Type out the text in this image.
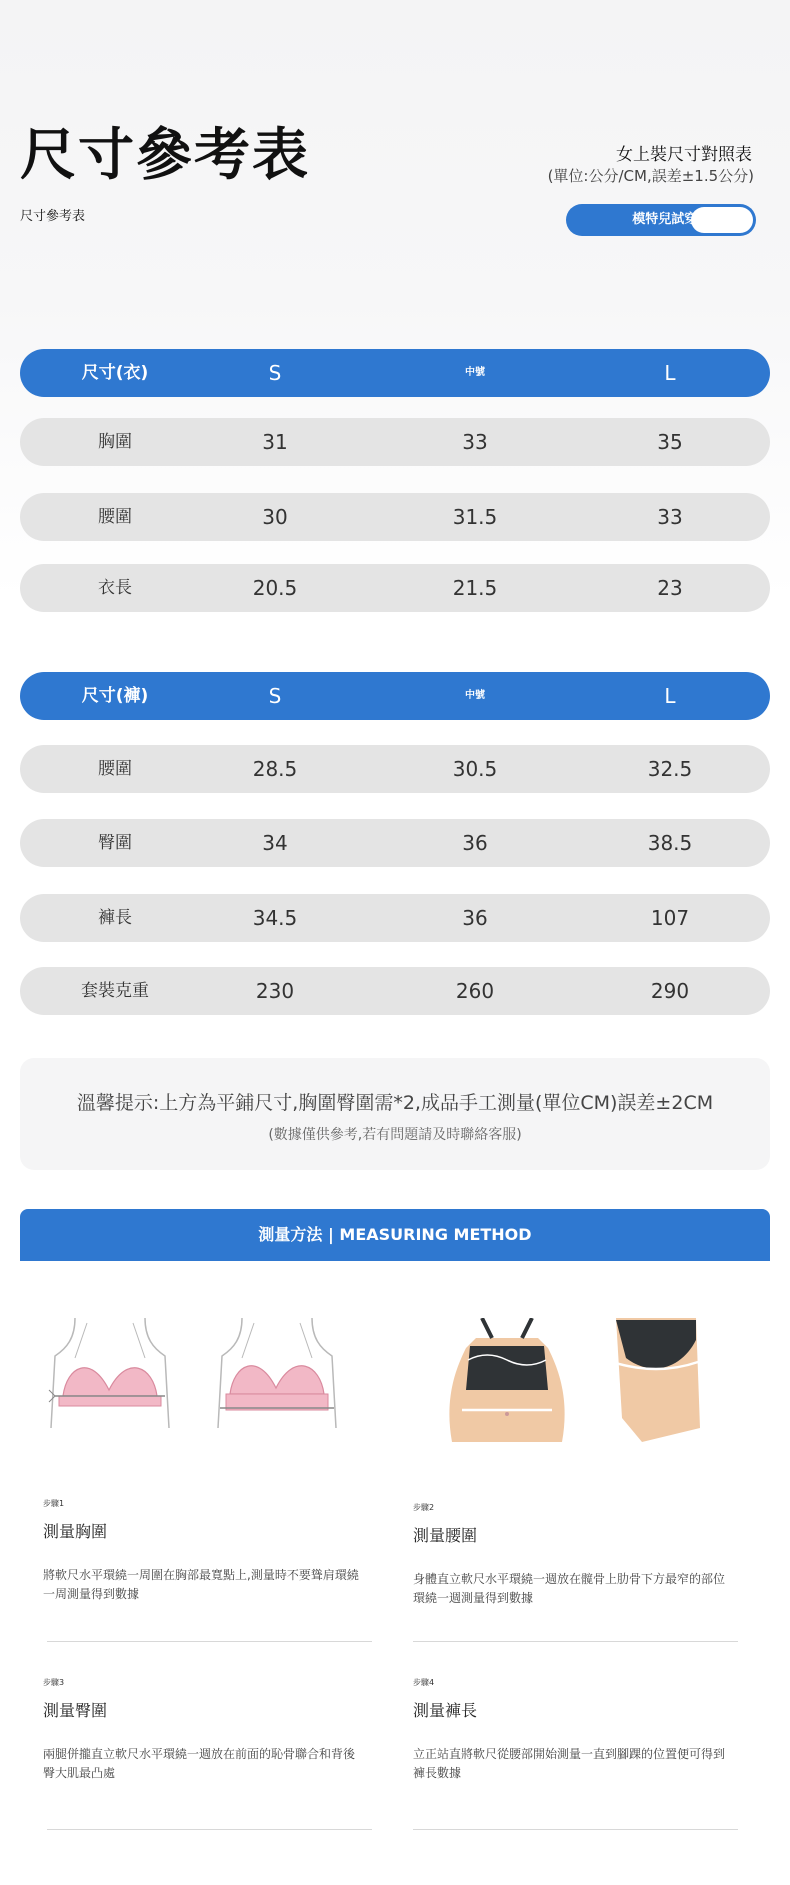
尺寸參考表
尺寸參考表
女上裝尺寸對照表
(單位:公分/CM,誤差±1.5公分)
模特兒試穿尺寸:S
尺寸(衣)	S	中號	L
胸圍	31	33	35
腰圍	30	31.5	33
衣長	20.5	21.5	23
尺寸(褲)	S	中號	L
腰圍	28.5	30.5	32.5
臀圍	34	36	38.5
褲長	34.5	36	107
套裝克重	230	260	290
溫馨提示:上方為平鋪尺寸,胸圍臀圍需*2,成品手工測量(單位CM)誤差±2CM
(數據僅供參考,若有問題請及時聯絡客服)
測量方法 | MEASURING METHOD
步驟1
測量胸圍
將軟尺水平環繞一周圍在胸部最寬點上,測量時不要聳肩環繞一周測量得到數據
步驟2
測量腰圍
身體直立軟尺水平環繞一週放在髋骨上肋骨下方最窄的部位環繞一週測量得到數據
步驟3
測量臀圍
兩腿併攏直立軟尺水平環繞一週放在前面的恥骨聯合和背後臀大肌最凸處
步驟4
測量褲長
立正站直將軟尺從腰部開始測量一直到腳踝的位置便可得到褲長數據
